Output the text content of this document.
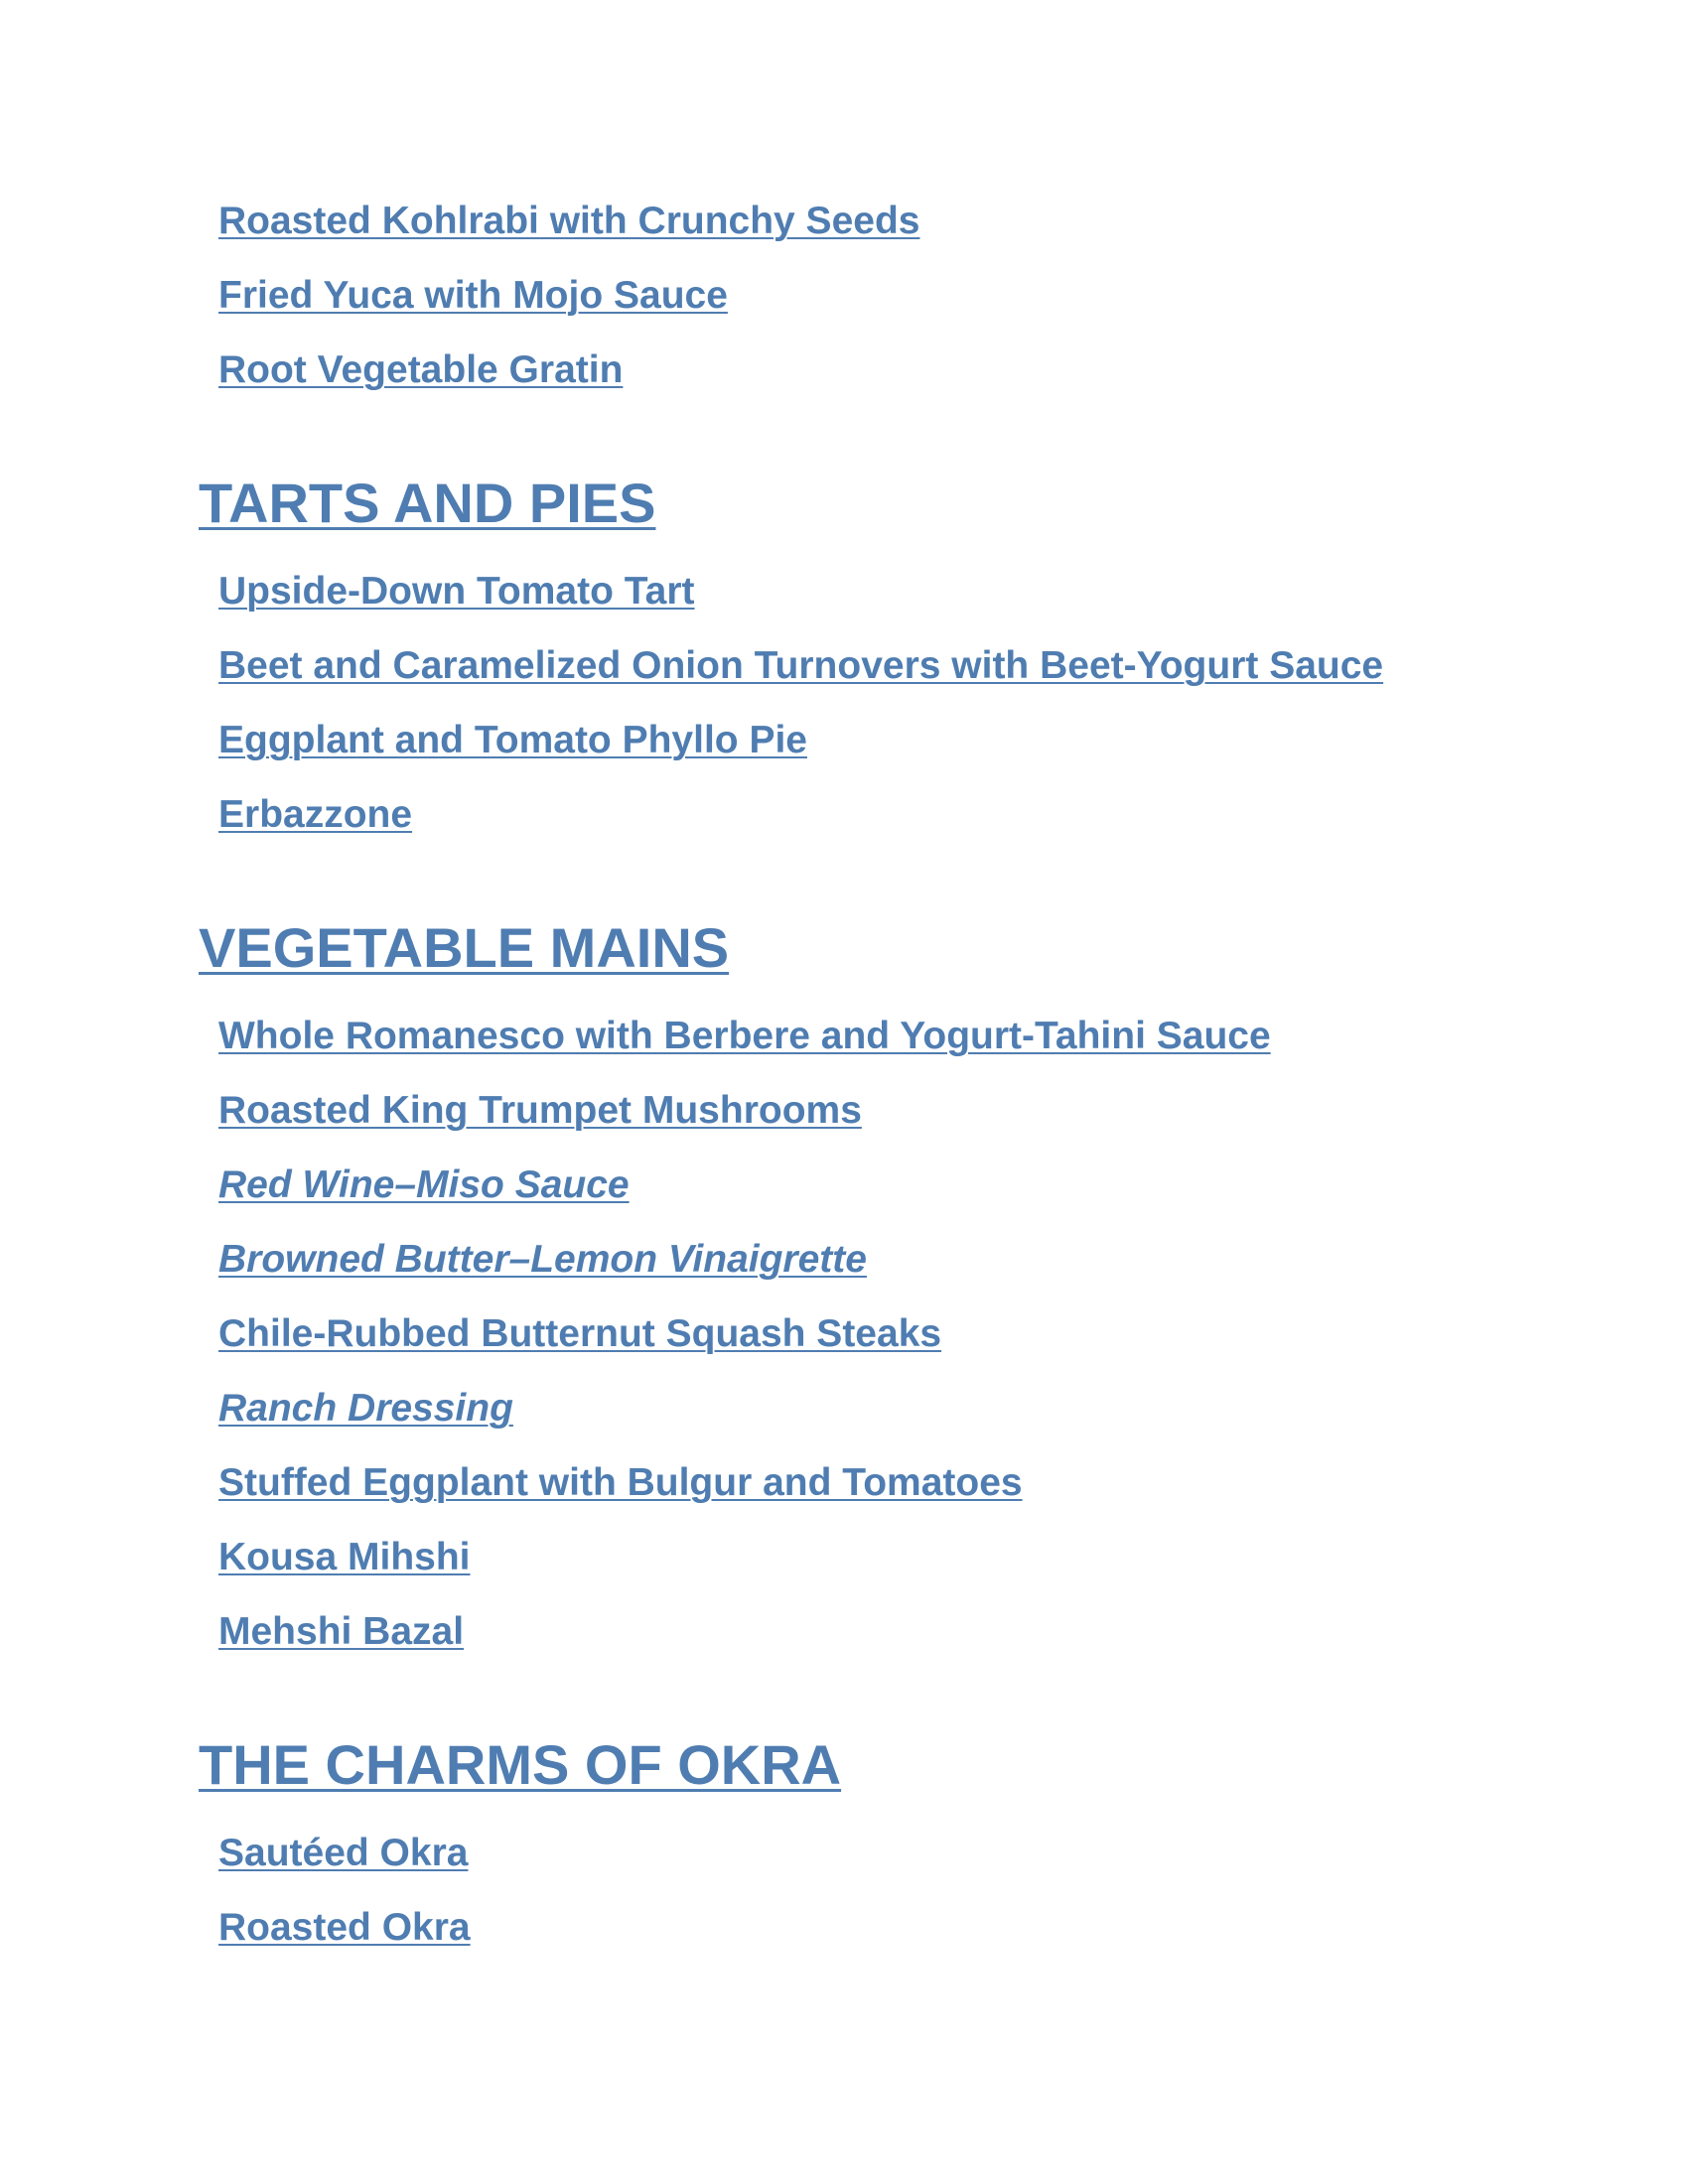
Roasted Kohlrabi with Crunchy Seeds
Fried Yuca with Mojo Sauce
Root Vegetable Gratin
TARTS AND PIES
Upside-Down Tomato Tart
Beet and Caramelized Onion Turnovers with Beet-Yogurt Sauce
Eggplant and Tomato Phyllo Pie
Erbazzone
VEGETABLE MAINS
Whole Romanesco with Berbere and Yogurt-Tahini Sauce
Roasted King Trumpet Mushrooms
Red Wine–Miso Sauce
Browned Butter–Lemon Vinaigrette
Chile-Rubbed Butternut Squash Steaks
Ranch Dressing
Stuffed Eggplant with Bulgur and Tomatoes
Kousa Mihshi
Mehshi Bazal
THE CHARMS OF OKRA
Sautéed Okra
Roasted Okra
